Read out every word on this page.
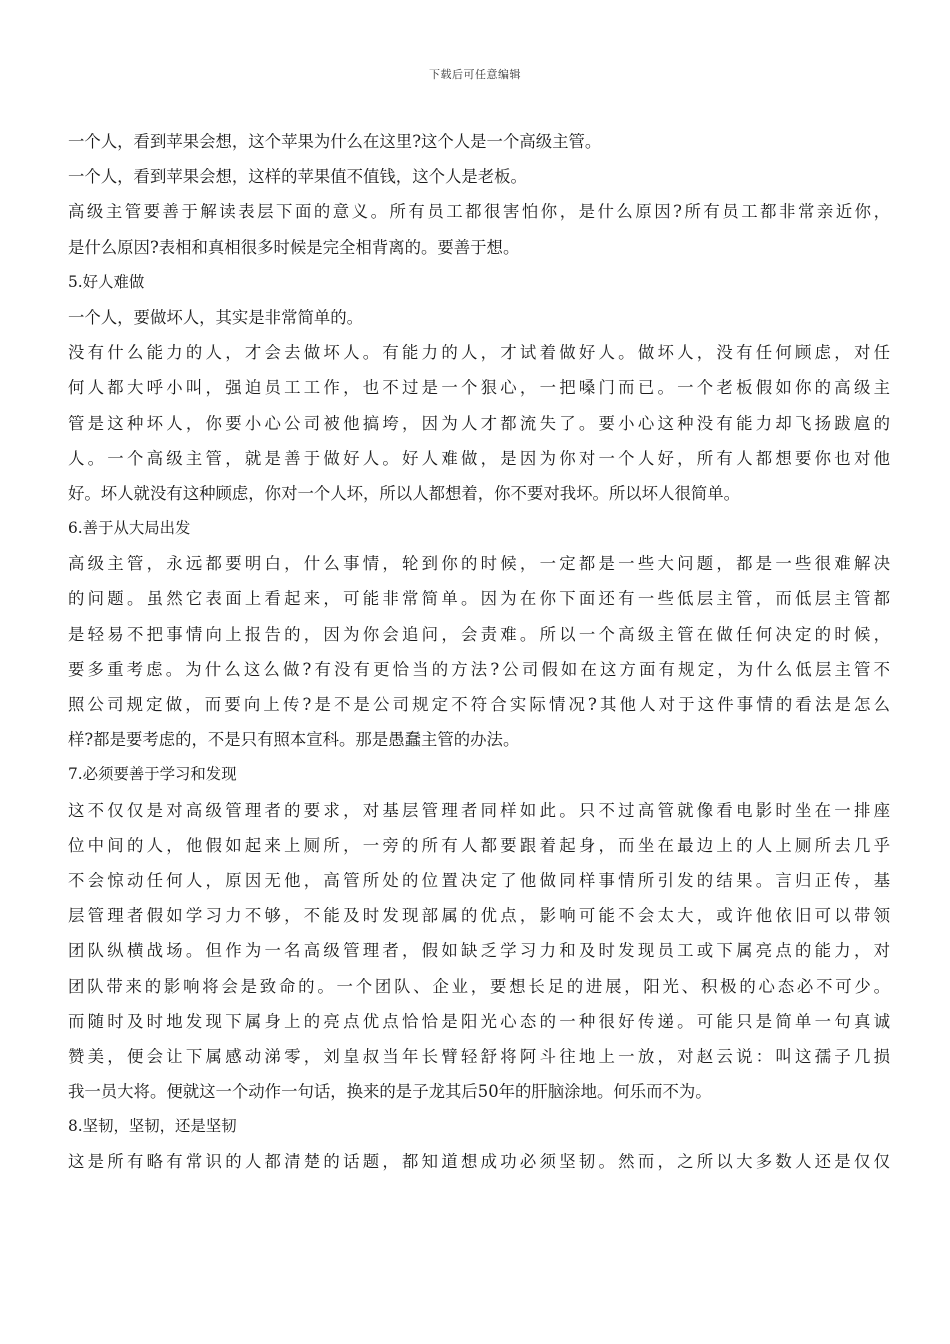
下载后可任意编辑
一个人，看到苹果会想，这个苹果为什么在这里?这个人是一个高级主管。
一个人，看到苹果会想，这样的苹果值不值钱，这个人是老板。
高级主管要善于解读表层下面的意义。所有员工都很害怕你，是什么原因?所有员工都非常亲近你，
是什么原因?表相和真相很多时候是完全相背离的。要善于想。
5.好人难做
一个人，要做坏人，其实是非常简单的。
没有什么能力的人，才会去做坏人。有能力的人，才试着做好人。做坏人，没有任何顾虑，对任
何人都大呼小叫，强迫员工工作，也不过是一个狠心，一把嗓门而已。一个老板假如你的高级主
管是这种坏人，你要小心公司被他搞垮，因为人才都流失了。要小心这种没有能力却飞扬跋扈的
人。一个高级主管，就是善于做好人。好人难做，是因为你对一个人好，所有人都想要你也对他
好。坏人就没有这种顾虑，你对一个人坏，所以人都想着，你不要对我坏。所以坏人很简单。
6.善于从大局出发
高级主管，永远都要明白，什么事情，轮到你的时候，一定都是一些大问题，都是一些很难解决
的问题。虽然它表面上看起来，可能非常简单。因为在你下面还有一些低层主管，而低层主管都
是轻易不把事情向上报告的，因为你会追问，会责难。所以一个高级主管在做任何决定的时候，
要多重考虑。为什么这么做?有没有更恰当的方法?公司假如在这方面有规定，为什么低层主管不
照公司规定做，而要向上传?是不是公司规定不符合实际情况?其他人对于这件事情的看法是怎么
样?都是要考虑的，不是只有照本宣科。那是愚蠢主管的办法。
7.必须要善于学习和发现
这不仅仅是对高级管理者的要求，对基层管理者同样如此。只不过高管就像看电影时坐在一排座
位中间的人，他假如起来上厕所，一旁的所有人都要跟着起身，而坐在最边上的人上厕所去几乎
不会惊动任何人，原因无他，高管所处的位置决定了他做同样事情所引发的结果。言归正传，基
层管理者假如学习力不够，不能及时发现部属的优点，影响可能不会太大，或许他依旧可以带领
团队纵横战场。但作为一名高级管理者，假如缺乏学习力和及时发现员工或下属亮点的能力，对
团队带来的影响将会是致命的。一个团队、企业，要想长足的进展，阳光、积极的心态必不可少。
而随时及时地发现下属身上的亮点优点恰恰是阳光心态的一种很好传递。可能只是简单一句真诚
赞美，便会让下属感动涕零，刘皇叔当年长臂轻舒将阿斗往地上一放，对赵云说：叫这孺子几损
我一员大将。便就这一个动作一句话，换来的是子龙其后50年的肝脑涂地。何乐而不为。
8.坚韧，坚韧，还是坚韧
这是所有略有常识的人都清楚的话题，都知道想成功必须坚韧。然而，之所以大多数人还是仅仅
